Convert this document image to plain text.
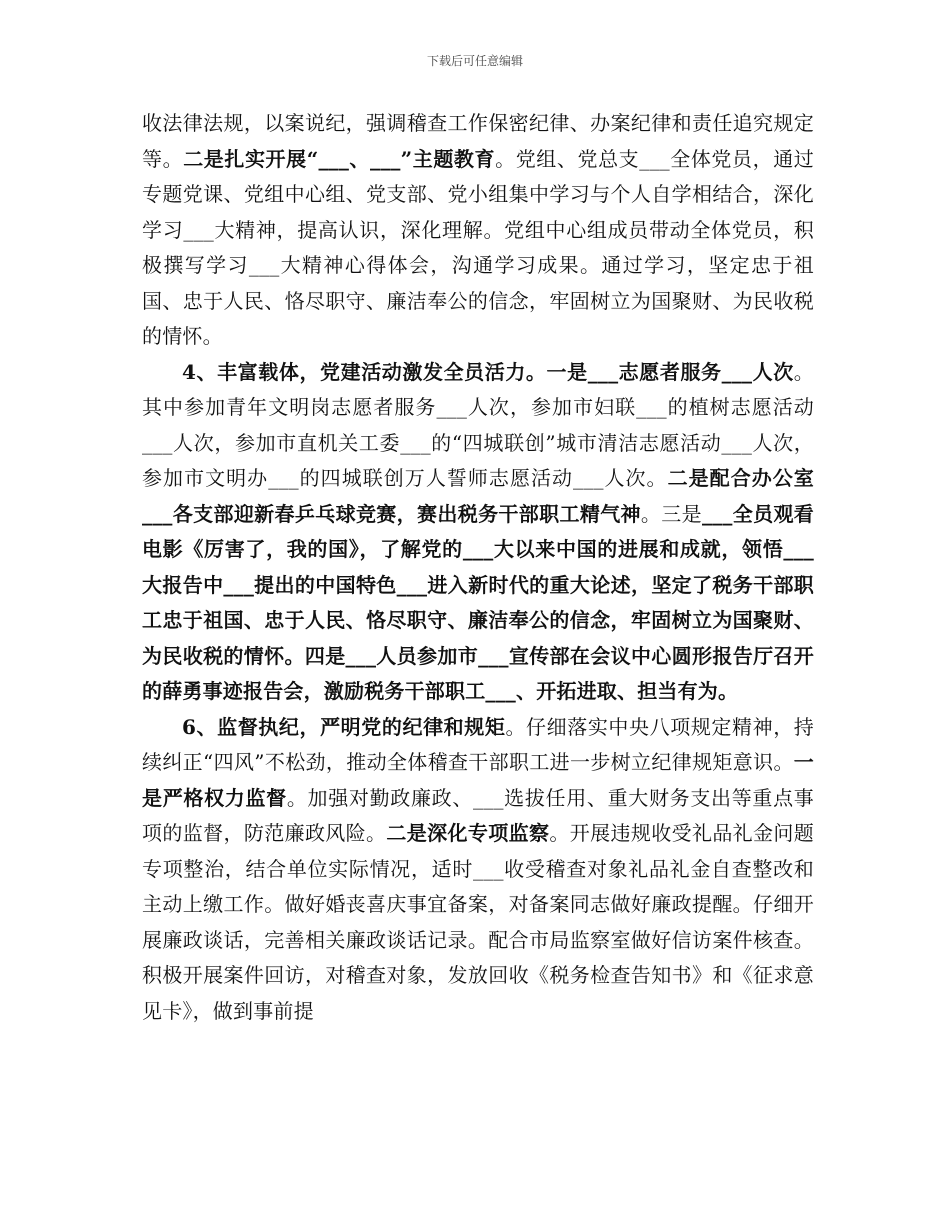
下载后可任意编辑

收法律法规，以案说纪，强调稽查工作保密纪律、办案纪律和责任追究规定等。二是扎实开展“___、___”主题教育。党组、党总支___全体党员，通过专题党课、党组中心组、党支部、党小组集中学习与个人自学相结合，深化学习___大精神，提高认识，深化理解。党组中心组成员带动全体党员，积极撰写学习___大精神心得体会，沟通学习成果。通过学习，坚定忠于祖国、忠于人民、恪尽职守、廉洁奉公的信念，牢固树立为国聚财、为民收税的情怀。

4、丰富载体，党建活动激发全员活力。一是___志愿者服务___人次。其中参加青年文明岗志愿者服务___人次，参加市妇联___的植树志愿活动___人次，参加市直机关工委___的“四城联创”城市清洁志愿活动___人次，参加市文明办___的四城联创万人誓师志愿活动___人次。二是配合办公室___各支部迎新春乒乓球竞赛，赛出税务干部职工精气神。三是___全员观看电影《厉害了，我的国》，了解党的___大以来中国的进展和成就，领悟___大报告中___提出的中国特色___进入新时代的重大论述，坚定了税务干部职工忠于祖国、忠于人民、恪尽职守、廉洁奉公的信念，牢固树立为国聚财、为民收税的情怀。四是___人员参加市___宣传部在会议中心圆形报告厅召开的薛勇事迹报告会，激励税务干部职工___、开拓进取、担当有为。

6、监督执纪，严明党的纪律和规矩。仔细落实中央八项规定精神，持续纠正“四风”不松劲，推动全体稽查干部职工进一步树立纪律规矩意识。一是严格权力监督。加强对勤政廉政、___选拔任用、重大财务支出等重点事项的监督，防范廉政风险。二是深化专项监察。开展违规收受礼品礼金问题专项整治，结合单位实际情况，适时___收受稽查对象礼品礼金自查整改和主动上缴工作。做好婚丧喜庆事宜备案，对备案同志做好廉政提醒。仔细开展廉政谈话，完善相关廉政谈话记录。配合市局监察室做好信访案件核查。积极开展案件回访，对稽查对象，发放回收《税务检查告知书》和《征求意见卡》，做到事前提
